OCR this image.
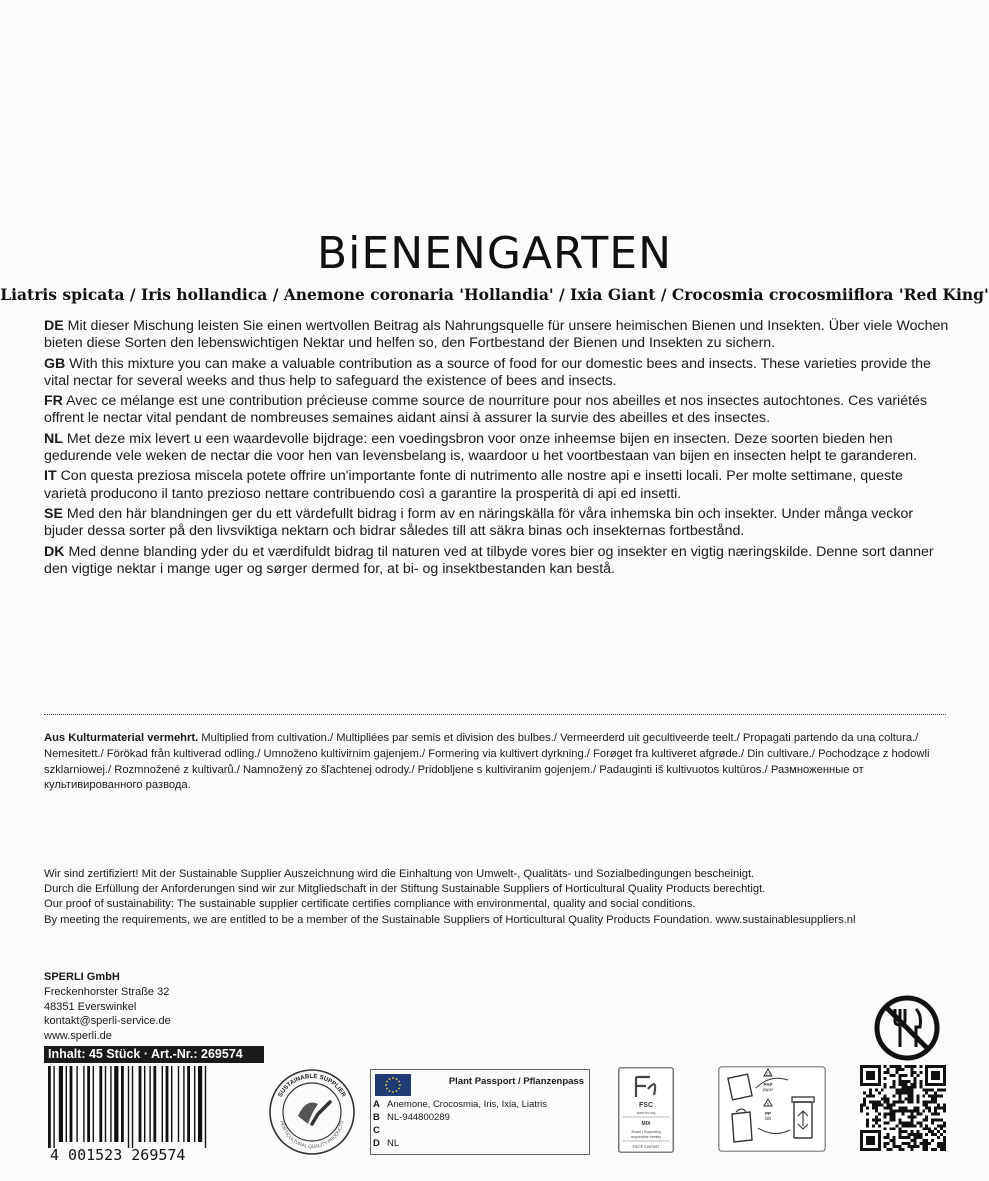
BiENENGARTEN
Liatris spicata / Iris hollandica / Anemone coronaria 'Hollandia' / Ixia Giant / Crocosmia crocosmiiflora 'Red King'
DE Mit dieser Mischung leisten Sie einen wertvollen Beitrag als Nahrungsquelle für unsere heimischen Bienen und Insekten. Über viele Wochen bieten diese Sorten den lebenswichtigen Nektar und helfen so, den Fortbestand der Bienen und Insekten zu sichern.
GB With this mixture you can make a valuable contribution as a source of food for our domestic bees and insects. These varieties provide the vital nectar for several weeks and thus help to safeguard the existence of bees and insects.
FR Avec ce mélange est une contribution précieuse comme source de nourriture pour nos abeilles et nos insectes autochtones. Ces variétés offrent le nectar vital pendant de nombreuses semaines aidant ainsi à assurer la survie des abeilles et des insectes.
NL Met deze mix levert u een waardevolle bijdrage: een voedingsbron voor onze inheemse bijen en insecten. Deze soorten bieden hen gedurende vele weken de nectar die voor hen van levensbelang is, waardoor u het voortbestaan van bijen en insecten helpt te garanderen.
IT Con questa preziosa miscela potete offrire un'importante fonte di nutrimento alle nostre api e insetti locali. Per molte settimane, queste varietà producono il tanto prezioso nettare contribuendo così a garantire la prosperità di api ed insetti.
SE Med den här blandningen ger du ett värdefullt bidrag i form av en näringskälla för våra inhemska bin och insekter. Under många veckor bjuder dessa sorter på den livsviktiga nektarn och bidrar således till att säkra binas och insekternas fortbestånd.
DK Med denne blanding yder du et værdifuldt bidrag til naturen ved at tilbyde vores bier og insekter en vigtig næringskilde. Denne sort danner den vigtige nektar i mange uger og sørger dermed for, at bi- og insektbestanden kan bestå.
Aus Kulturmaterial vermehrt. Multiplied from cultivation./ Multipliées par semis et division des bulbes./ Vermeerderd uit gecultiveerde teelt./ Propagati partendo da una coltura./ Nemesitett./ Förökad från kultiverad odling./ Umnoženo kultivirnim gajenjem./ Formering via kultivert dyrkning./ Forøget fra kultiveret afgrøde./ Din cultivare./ Pochodzące z hodowli szklarniowej./ Rozmnožené z kultivarů./ Namnožený zo šľachtenej odrody./ Pridobljene s kultiviranim gojenjem./ Padauginti iš kultivuotos kultūros./ Размноженные от культивированного развода.
Wir sind zertifiziert! Mit der Sustainable Supplier Auszeichnung wird die Einhaltung von Umwelt-, Qualitäts- und Sozialbedingungen bescheinigt.
Durch die Erfüllung der Anforderungen sind wir zur Mitgliedschaft in der Stiftung Sustainable Suppliers of Horticultural Quality Products berechtigt.
Our proof of sustainability: The sustainable supplier certificate certifies compliance with environmental, quality and social conditions.
By meeting the requirements, we are entitled to be a member of the Sustainable Suppliers of Horticultural Quality Products Foundation. www.sustainablesuppliers.nl
SPERLI GmbH
Freckenhorster Straße 32
48351 Everswinkel
kontakt@sperli-service.de
www.sperli.de
Inhalt: 45 Stück · Art.-Nr.: 269574
4 001523 269574
SUSTAINABLE SUPPLIER
HORTICULTURAL QUALITY PRODUCTS
Plant Passport / Pflanzenpass
A Anemone, Crocosmia, Iris, Ixia, Liatris
B NL-944800289
C
D NL
FSC
www.fsc.org
MIX
Board | Supporting
responsible forestry
FSC® C007957
21
PAP
paper
5
PP
folk
